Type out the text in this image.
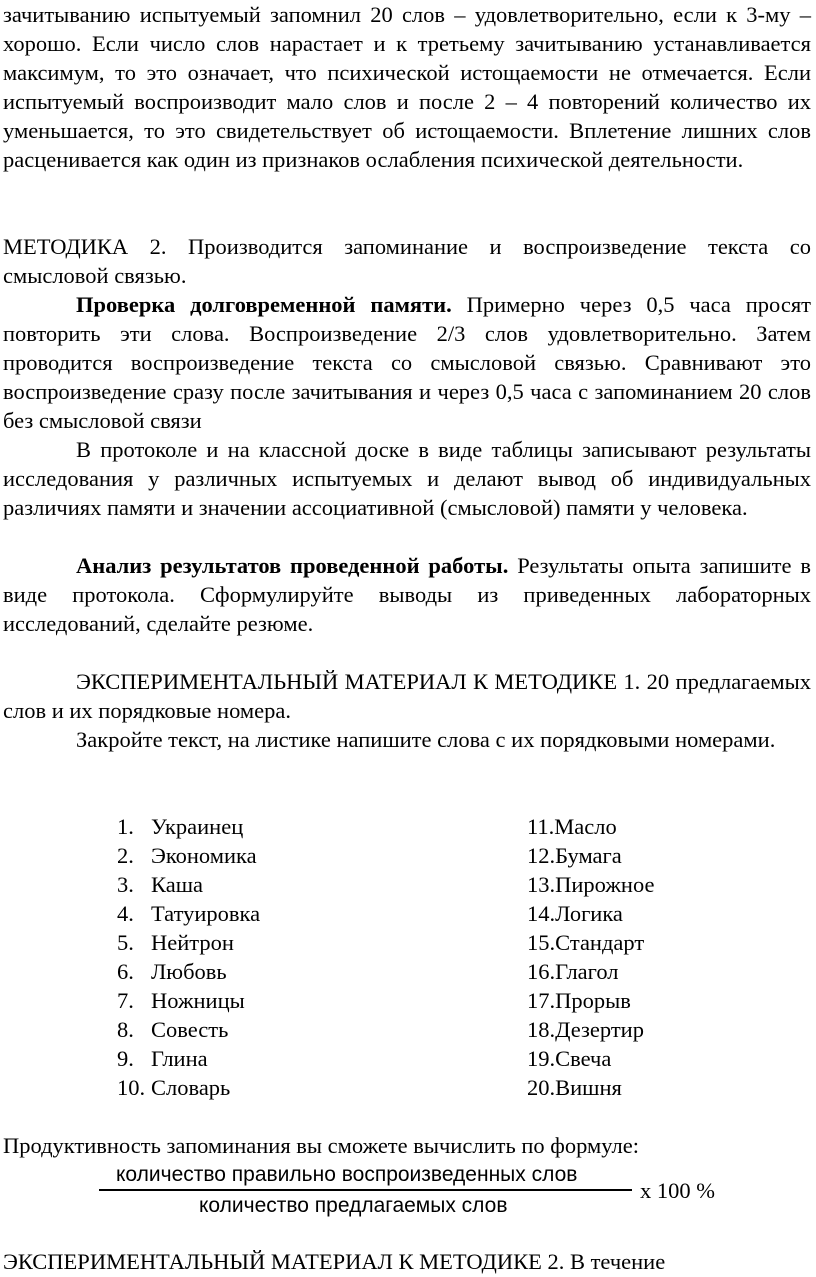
зачитыванию испытуемый запомнил 20 слов – удовлетворительно, если к 3-му – хорошо. Если число слов нарастает и к третьему зачитыванию устанавливается максимум, то это означает, что психической истощаемости не отмечается. Если испытуемый воспроизводит мало слов и после 2 – 4 повторений количество их уменьшается, то это свидетельствует об истощаемости. Вплетение лишних слов расценивается как один из признаков ослабления психической деятельности.

МЕТОДИКА 2. Производится запоминание и воспроизведение текста со смысловой связью.

Проверка долговременной памяти. Примерно через 0,5 часа просят повторить эти слова. Воспроизведение 2/3 слов удовлетворительно. Затем проводится воспроизведение текста со смысловой связью. Сравнивают это воспроизведение сразу после зачитывания и через 0,5 часа с запоминанием 20 слов без смысловой связи

В протоколе и на классной доске в виде таблицы записывают результаты исследования у различных испытуемых и делают вывод об индивидуальных различиях памяти и значении ассоциативной (смысловой) памяти у человека.

Анализ результатов проведенной работы. Результаты опыта запишите в виде протокола. Сформулируйте выводы из приведенных лабораторных исследований, сделайте резюме.

ЭКСПЕРИМЕНТАЛЬНЫЙ МАТЕРИАЛ К МЕТОДИКЕ 1. 20 предлагаемых слов и их порядковые номера.

Закройте текст, на листике напишите слова с их порядковыми номерами.

1. Украинец
2. Экономика
3. Каша
4. Татуировка
5. Нейтрон
6. Любовь
7. Ножницы
8. Совесть
9. Глина
10. Словарь
11.Масло
12.Бумага
13.Пирожное
14.Логика
15.Стандарт
16.Глагол
17.Прорыв
18.Дезертир
19.Свеча
20.Вишня

Продуктивность запоминания вы сможете вычислить по формуле:

количество правильно воспроизведенных слов
количество предлагаемых слов
х 100 %

ЭКСПЕРИМЕНТАЛЬНЫЙ МАТЕРИАЛ К МЕТОДИКЕ 2. В течение
